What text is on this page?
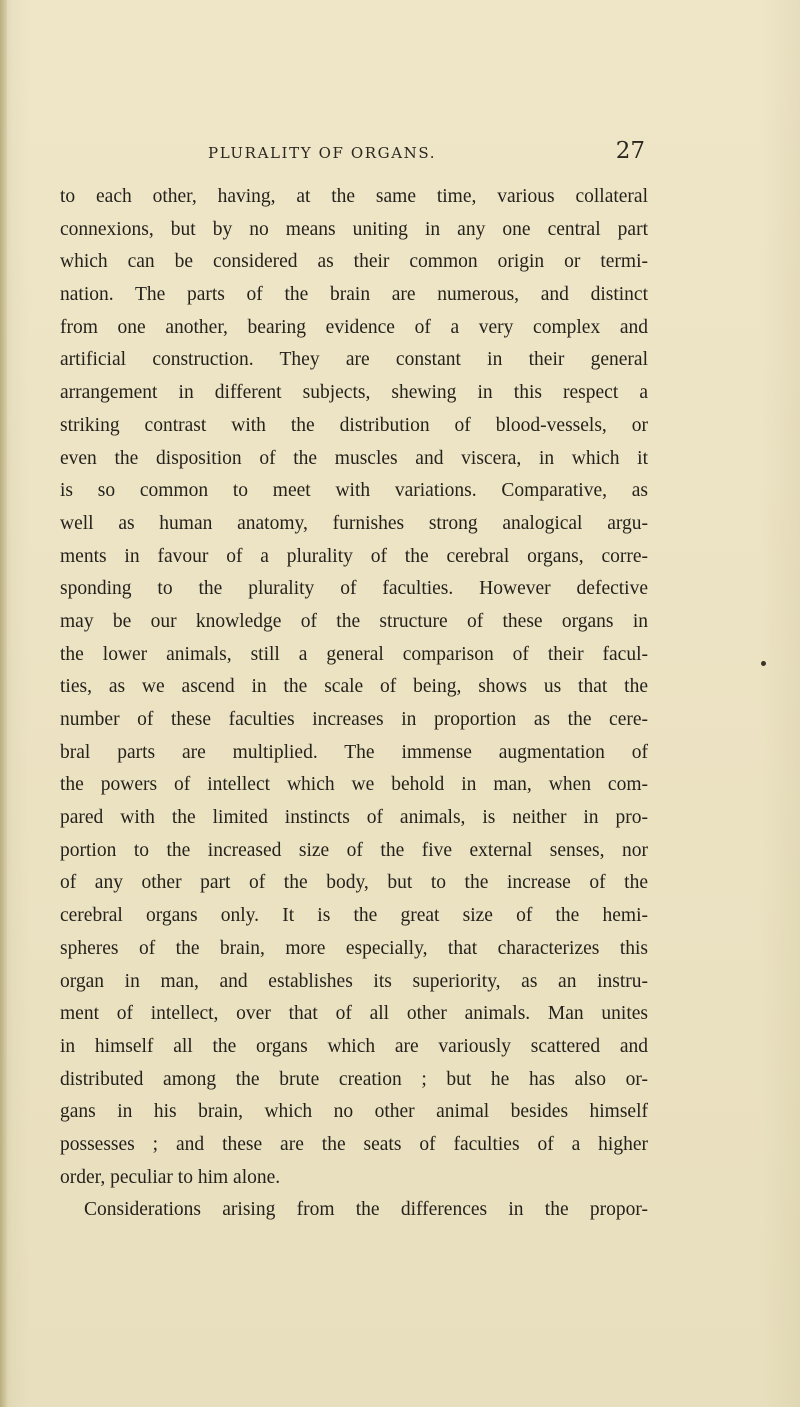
PLURALITY OF ORGANS.	27
to each other, having, at the same time, various collateral
connexions, but by no means uniting in any one central part
which can be considered as their common origin or termi-
nation. The parts of the brain are numerous, and distinct
from one another, bearing evidence of a very complex and
artificial construction. They are constant in their general
arrangement in different subjects, shewing in this respect a
striking contrast with the distribution of blood-vessels, or
even the disposition of the muscles and viscera, in which it
is so common to meet with variations. Comparative, as
well as human anatomy, furnishes strong analogical argu-
ments in favour of a plurality of the cerebral organs, corre-
sponding to the plurality of faculties. However defective
may be our knowledge of the structure of these organs in
the lower animals, still a general comparison of their facul-
ties, as we ascend in the scale of being, shows us that the
number of these faculties increases in proportion as the cere-
bral parts are multiplied. The immense augmentation of
the powers of intellect which we behold in man, when com-
pared with the limited instincts of animals, is neither in pro-
portion to the increased size of the five external senses, nor
of any other part of the body, but to the increase of the
cerebral organs only. It is the great size of the hemi-
spheres of the brain, more especially, that characterizes this
organ in man, and establishes its superiority, as an instru-
ment of intellect, over that of all other animals. Man unites
in himself all the organs which are variously scattered and
distributed among the brute creation ; but he has also or-
gans in his brain, which no other animal besides himself
possesses ; and these are the seats of faculties of a higher
order, peculiar to him alone.
Considerations arising from the differences in the propor-
